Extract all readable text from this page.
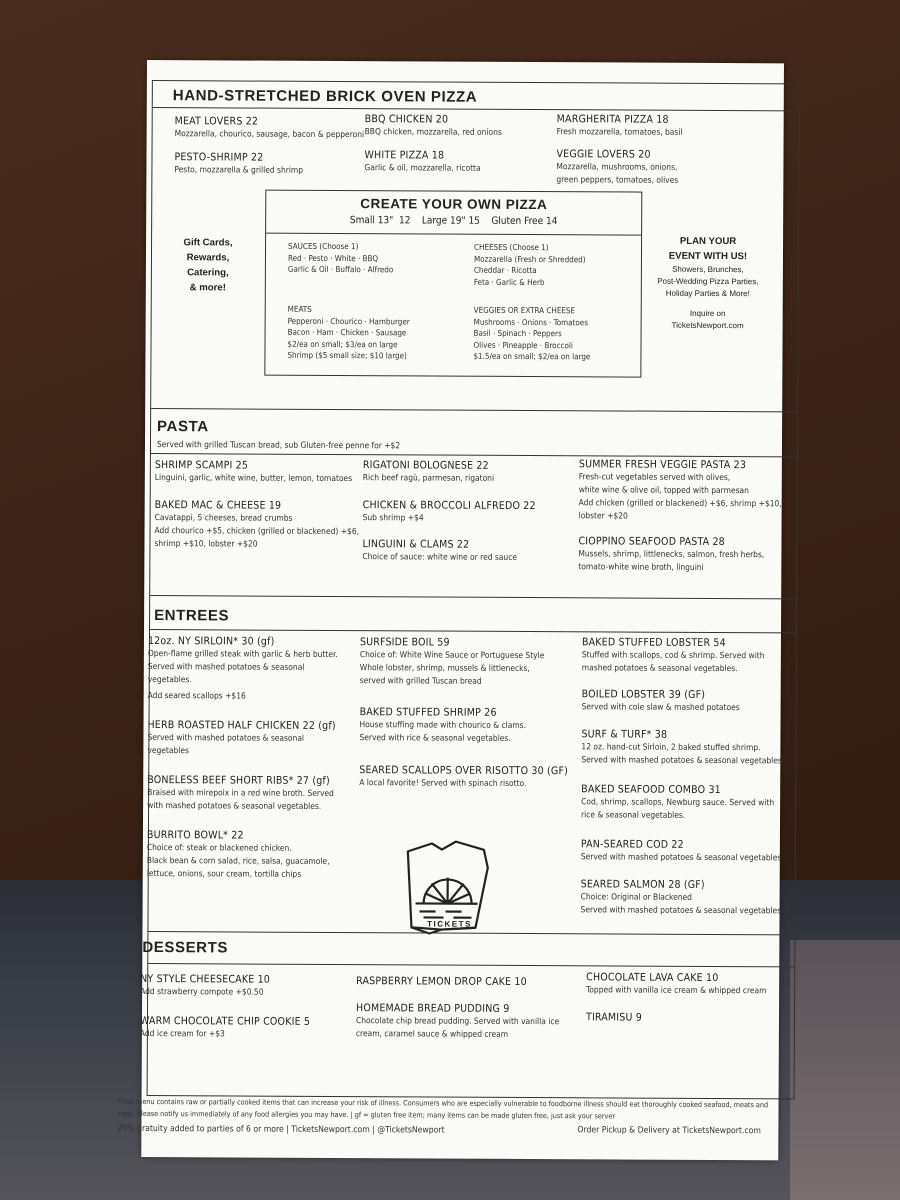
HAND-STRETCHED BRICK OVEN PIZZA
MEAT LOVERS 22
Mozzarella, chourico, sausage, bacon & pepperoni
BBQ CHICKEN 20
BBQ chicken, mozzarella, red onions
MARGHERITA PIZZA 18
Fresh mozzarella, tomatoes, basil
PESTO-SHRIMP 22
Pesto, mozzarella & grilled shrimp
WHITE PIZZA 18
Garlic & oil, mozzarella, ricotta
VEGGIE LOVERS 20
Mozzarella, mushrooms, onions,
green peppers, tomatoes, olives
Gift Cards,
Rewards,
Catering,
& more!
PLAN YOUR
EVENT WITH US!
Showers, Brunches,
Post-Wedding Pizza Parties,
Holiday Parties & More!
Inquire on
TicketsNewport.com
CREATE YOUR OWN PIZZA
Small 13"  12    Large 19" 15    Gluten Free 14
SAUCES (Choose 1)
Red · Pesto · White · BBQ
Garlic & Oil · Buffalo · Alfredo
CHEESES (Choose 1)
Mozzarella (Fresh or Shredded)
Cheddar · Ricotta
Feta · Garlic & Herb
MEATS
Pepperoni · Chourico · Hamburger
Bacon · Ham · Chicken · Sausage
$2/ea on small; $3/ea on large
Shrimp ($5 small size; $10 large)
VEGGIES OR EXTRA CHEESE
Mushrooms · Onions · Tomatoes
Basil · Spinach · Peppers
Olives · Pineapple · Broccoli
$1.5/ea on small; $2/ea on large
PASTA
Served with grilled Tuscan bread, sub Gluten-free penne for +$2
SHRIMP SCAMPI 25
Linguini, garlic, white wine, butter, lemon, tomatoes
BAKED MAC & CHEESE 19
Cavatappi, 5 cheeses, bread crumbs
Add chourico +$5, chicken (grilled or blackened) +$6,
shrimp +$10, lobster +$20
RIGATONI BOLOGNESE 22
Rich beef ragù, parmesan, rigatoni
CHICKEN & BROCCOLI ALFREDO 22
Sub shrimp +$4
LINGUINI & CLAMS 22
Choice of sauce: white wine or red sauce
SUMMER FRESH VEGGIE PASTA 23
Fresh-cut vegetables served with olives,
white wine & olive oil, topped with parmesan
Add chicken (grilled or blackened) +$6, shrimp +$10,
lobster +$20
CIOPPINO SEAFOOD PASTA 28
Mussels, shrimp, littlenecks, salmon, fresh herbs,
tomato-white wine broth, linguini
ENTREES
12oz. NY SIRLOIN* 30 (gf)
Open-flame grilled steak with garlic & herb butter.
Served with mashed potatoes & seasonal
vegetables.
Add seared scallops +$16
HERB ROASTED HALF CHICKEN 22 (gf)
Served with mashed potatoes & seasonal
vegetables
BONELESS BEEF SHORT RIBS* 27 (gf)
Braised with mirepoix in a red wine broth. Served
with mashed potatoes & seasonal vegetables.
BURRITO BOWL* 22
Choice of: steak or blackened chicken.
Black bean & corn salad, rice, salsa, guacamole,
lettuce, onions, sour cream, tortilla chips
SURFSIDE BOIL 59
Choice of: White Wine Sauce or Portuguese Style
Whole lobster, shrimp, mussels & littlenecks,
served with grilled Tuscan bread
BAKED STUFFED SHRIMP 26
House stuffing made with chourico & clams.
Served with rice & seasonal vegetables.
SEARED SCALLOPS OVER RISOTTO 30 (GF)
A local favorite! Served with spinach risotto.
TICKETS
BAKED STUFFED LOBSTER 54
Stuffed with scallops, cod & shrimp. Served with
mashed potatoes & seasonal vegetables.
BOILED LOBSTER 39 (GF)
Served with cole slaw & mashed potatoes
SURF & TURF* 38
12 oz. hand-cut Sirloin, 2 baked stuffed shrimp.
Served with mashed potatoes & seasonal vegetables.
BAKED SEAFOOD COMBO 31
Cod, shrimp, scallops, Newburg sauce. Served with
rice & seasonal vegetables.
PAN-SEARED COD 22
Served with mashed potatoes & seasonal vegetables
SEARED SALMON 28 (GF)
Choice: Original or Blackened
Served with mashed potatoes & seasonal vegetables
DESSERTS
NY STYLE CHEESECAKE 10
Add strawberry compote +$0.50
WARM CHOCOLATE CHIP COOKIE 5
Add ice cream for +$3
RASPBERRY LEMON DROP CAKE 10
HOMEMADE BREAD PUDDING 9
Chocolate chip bread pudding. Served with vanilla ice
cream, caramel sauce & whipped cream
CHOCOLATE LAVA CAKE 10
Topped with vanilla ice cream & whipped cream
TIRAMISU 9
*This menu contains raw or partially cooked items that can increase your risk of illness. Consumers who are especially vulnerable to foodborne illness should eat thoroughly cooked seafood, meats and
eggs. Please notify us immediately of any food allergies you may have. | gf = gluten free item; many items can be made gluten free, just ask your server
20% gratuity added to parties of 6 or more | TicketsNewport.com | @TicketsNewport	Order Pickup & Delivery at TicketsNewport.com
